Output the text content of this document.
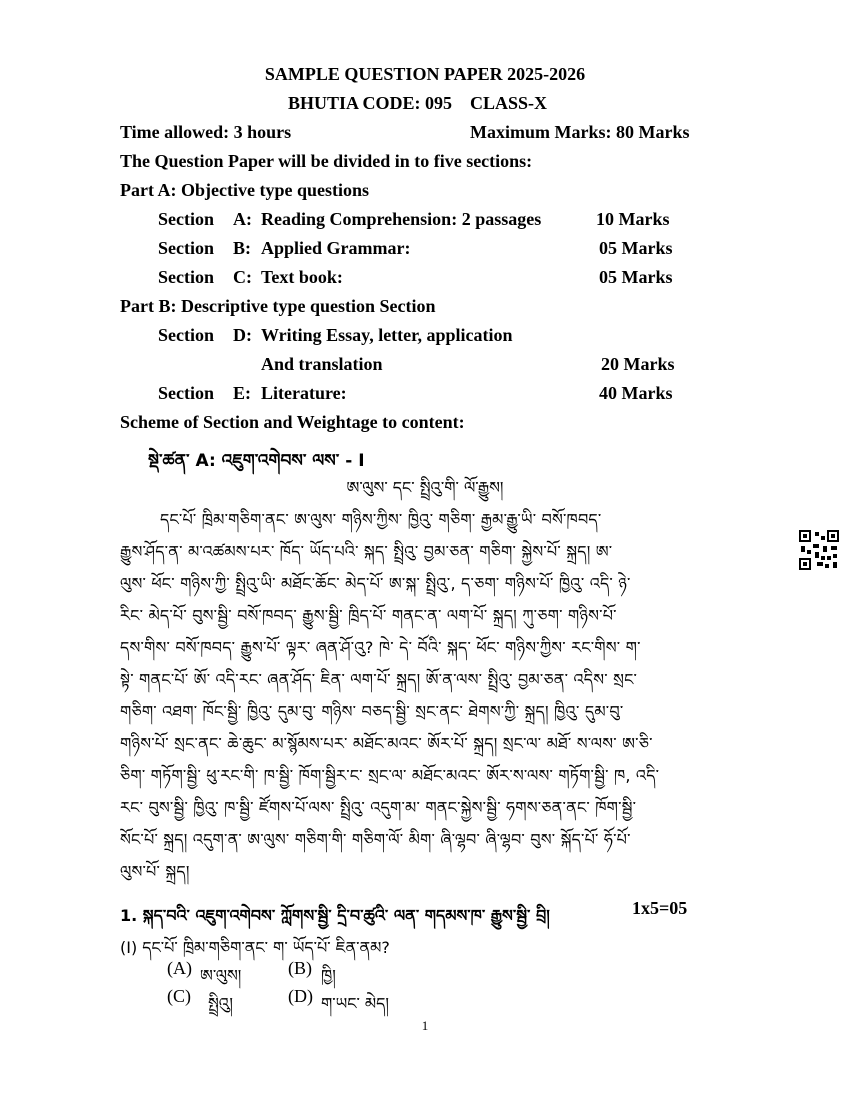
SAMPLE QUESTION PAPER 2025-2026
BHUTIA CODE: 095 CLASS-X
Time allowed: 3 hours	Maximum Marks: 80 Marks
The Question Paper will be divided in to five sections:
Part A: Objective type questions
Section A: Reading Comprehension: 2 passages	10 Marks
Section B: Applied Grammar:	05 Marks
Section C: Text book:	05 Marks
Part B: Descriptive type question Section
Section D: Writing Essay, letter, application
And translation	20 Marks
Section E: Literature:	40 Marks
Scheme of Section and Weightage to content:
སྡེ་ཚན་ A: འཇུག་འགེབས་ ལས་ - I
ཨ་ལུས་ དང་ སྤྲིའུ་གི་ ལོ་རྒྱུས།
དང་པོ་ ཁྲིམ་གཅིག་ནང་ ཨ་ལུས་ གཉིས་ཀྱིས་ ཁྱིའུ་ གཅིག་ རྒྱམ་རྒྱུ་ཡི་ བསོ་ཁབད་
རྒྱུས་ཤོད་ན་ མ་འཚམས་པར་ ཁོད་ ཡོད་པའི་ སྐད་ སྤྲིའུ་ བྱམ་ཅན་ གཅིག་ སྐྱེས་པོ་ སྐྲད། ཨ་
ལུས་ ཕོང་ གཉིས་ཀྱི་ སྤྲིའུ་ཡི་ མཐོང་ཆོང་ མེད་པོ་ ཨ་སྐ་ སྤྲིའུ་, ད་ཅག་ གཉིས་པོ་ ཁྱིའུ་ འདི་ ཉེ་
རིང་ མེད་པོ་ བུས་སྦྱི་ བསོ་ཁབད་ རྒྱུས་སྦྱི་ ཁྲིད་པོ་ གནང་ན་ ལག་པོ་ སྐྲད། ཀུ་ཅག་ གཉིས་པོ་
དས་གིས་ བསོ་ཁབད་ རྒྱུས་པོ་ ལྟར་ ཞན་ཤོ་འུ? ཁེ་ དེ་ བོའི་ སྐད་ ཕོང་ གཉིས་ཀྱིས་ རང་གིས་ ག་
སྟེ་ གནང་པོ་ ཨོ་ འདི་རང་ ཞན་ཤོད་ ཇིན་ ལག་པོ་ སྐྲད། ཨོ་ན་ལས་ སྤྲིའུ་ བྱམ་ཅན་ འདིས་ སྲང་
གཅིག་ འཐག་ ཁོང་སྦྱི་ ཁྱིའུ་ དུམ་བུ་ གཉིས་ བཅད་སྦྱི་ སྲང་ནང་ ཐེགས་ཀྱི་ སྐྲད། ཁྱིའུ་ དུམ་བུ་
གཉིས་པོ་ སྲང་ནང་ ཆེ་ཆུང་ མ་སྙོམས་པར་ མཐོང་མའང་ ཨོར་པོ་ སྐྲད། སྲང་ལ་ མཐོ་ ས་ལས་ ཨ་ཅི་
ཅིག་ གཏོག་སྦྱི་ ཕུ་རང་གི་ ཁ་སྦྱི་ ཁོག་སྦྱིར་ང་ སྲང་ལ་ མཐོང་མའང་ ཨོར་ས་ལས་ གཏོག་སྦྱི་ ཁ, འདི་
རང་ བུས་སྦྱི་ ཁྱིའུ་ ཁ་སྦྱི་ ཛོགས་པོ་ལས་ སྤྲིའུ་ འདུག་མ་ གནང་སྐྱེས་སྦྱི་ ཧགས་ཅན་ནང་ ཁོག་སྦྱི་
སོང་པོ་ སྐྲད། འདུག་ན་ ཨ་ལུས་ གཅིག་གི་ གཅིག་ལོ་ མིག་ ཞི་ལྷབ་ ཞི་ལྷབ་ བུས་ སྐོད་པོ་ ཧོ་པོ་
ལུས་པོ་ སྐྲད།
1. སྐད་བའི་ འཇུག་འགེབས་ ཀློགས་སྦྱི་ དྲི་བ་ཚུའི་ ལན་ གདམས་ཁ་ རྒྱུས་སྦྱི་ བྲི།	1x5=05
(I) དང་པོ་ ཁྲིམ་གཅིག་ནང་ ག་ ཡོད་པོ་ ཇིན་ནམ?
(A) ཨ་ལུས།	(B) ཁྱི།
(C) སྤྲིའུ།	(D) ག་ཡང་ མེད།
1
